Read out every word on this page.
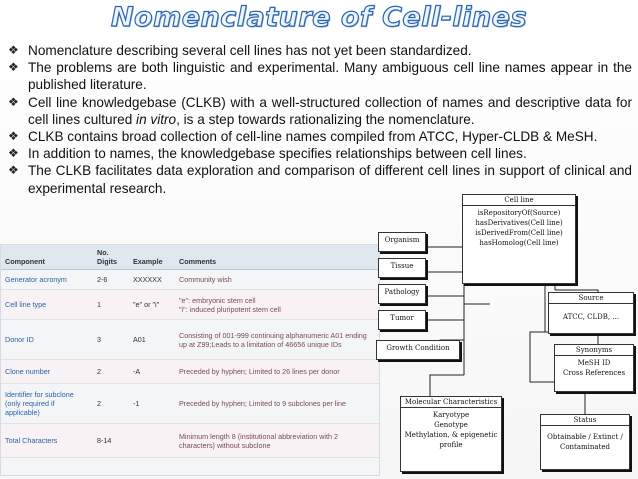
Nomenclature of Cell-lines
❖ Nomenclature describing several cell lines has not yet been standardized.
❖ The problems are both linguistic and experimental. Many ambiguous cell line names appear in the published literature.
❖ Cell line knowledgebase (CLKB) with a well-structured collection of names and descriptive data for cell lines cultured in vitro, is a step towards rationalizing the nomenclature.
❖ CLKB contains broad collection of cell-line names compiled from ATCC, Hyper-CLDB & MeSH.
❖ In addition to names, the knowledgebase specifies relationships between cell lines.
❖ The CLKB facilitates data exploration and comparison of different cell lines in support of clinical and experimental research.
Component	No. Digits	Example	Comments
Generator acronym	2-6	XXXXXX	Community wish
Cell line type	1	"e" or "i"	"e": embryonic stem cell
"i": induced pluripotent stem cell
Donor ID	3	A01	Consisting of 001-999 continuing alphanumeric A01 ending up at Z99;Leads to a limitation of 46656 unique IDs
Clone number	2	-A	Preceded by hyphen; Limited to 26 lines per donor
Identifier for subclone (only required if applicable)	2	-1	Preceded by hyphen; Limited to 9 subclones per line
Total Characters	8-14		Minimum length 8 (institutional abbreviation with 2 characters) without subclone
Cell line
isRepositoryOf(Source)
hasDerivatives(Cell line)
isDerivedFrom(Cell line)
hasHomolog(Cell line)
Organism
Tissue
Pathology
Tumor
Growth Condition
Source
ATCC, CLDB, ...
Synonyms
MeSH ID
Cross References
Molecular Characteristics
Karyotype
Genotype
Methylation, & epigenetic
profile
Status
Obtainable / Extinct /
Contaminated
